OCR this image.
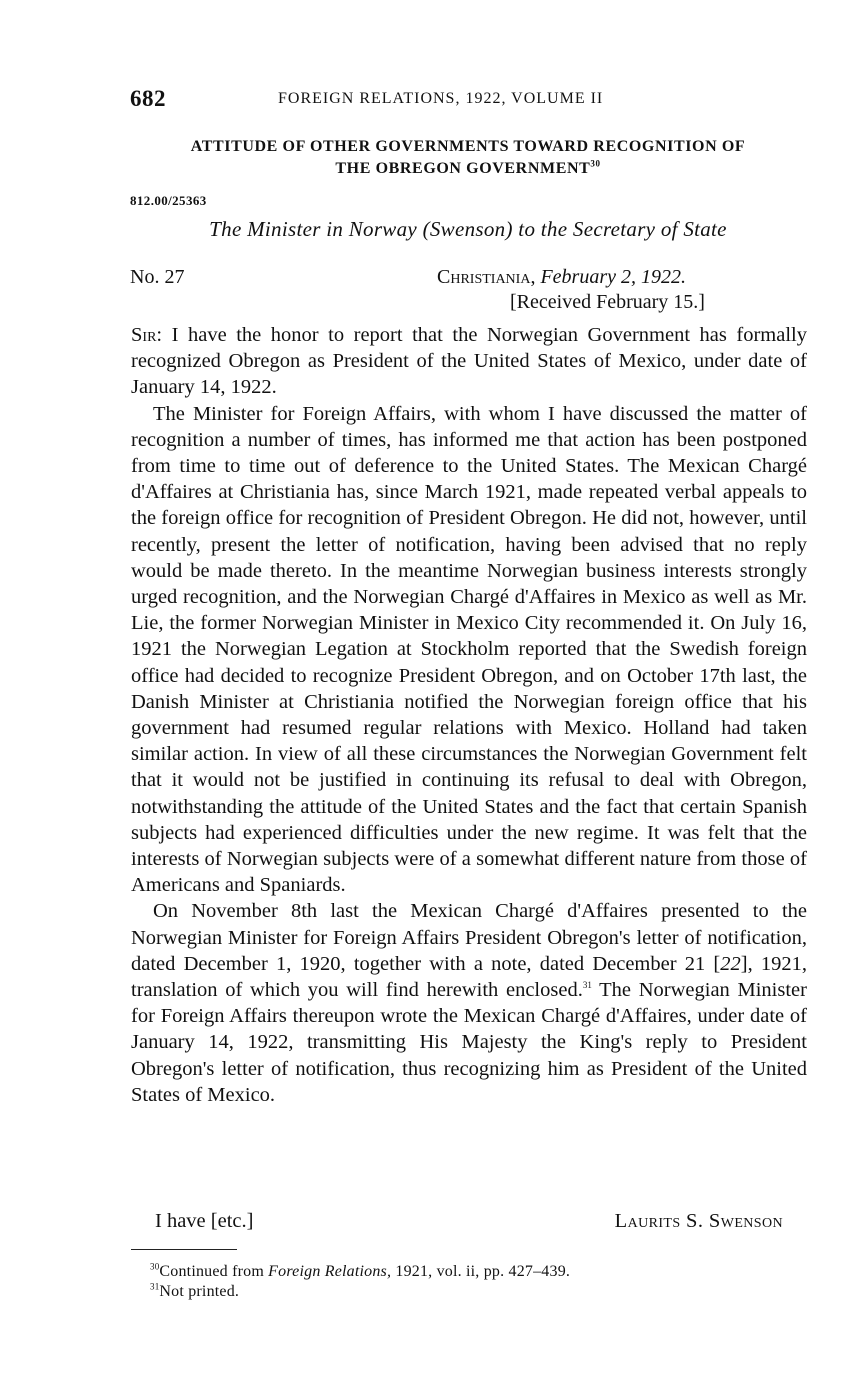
682	FOREIGN RELATIONS, 1922, VOLUME II
ATTITUDE OF OTHER GOVERNMENTS TOWARD RECOGNITION OF
THE OBREGON GOVERNMENT$^{30}$
812.00/25363
The Minister in Norway (Swenson) to the Secretary of State
No. 27	Christiania, February 2, 1922.
[Received February 15.]

Sir: I have the honor to report that the Norwegian Government has formally recognized Obregon as President of the United States of Mexico, under date of January 14, 1922.

The Minister for Foreign Affairs, with whom I have discussed the matter of recognition a number of times, has informed me that action has been postponed from time to time out of deference to the United States. The Mexican Chargé d'Affaires at Christiania has, since March 1921, made repeated verbal appeals to the foreign office for recognition of President Obregon. He did not, however, until recently, present the letter of notification, having been advised that no reply would be made thereto. In the meantime Norwegian business interests strongly urged recognition, and the Norwegian Chargé d'Affaires in Mexico as well as Mr. Lie, the former Norwegian Minister in Mexico City recommended it. On July 16, 1921 the Norwegian Legation at Stockholm reported that the Swedish foreign office had decided to recognize President Obregon, and on October 17th last, the Danish Minister at Christiania notified the Norwegian foreign office that his government had resumed regular relations with Mexico. Holland had taken similar action. In view of all these circumstances the Norwegian Government felt that it would not be justified in continuing its refusal to deal with Obregon, notwithstanding the attitude of the United States and the fact that certain Spanish subjects had experienced difficulties under the new regime. It was felt that the interests of Norwegian subjects were of a somewhat different nature from those of Americans and Spaniards.

On November 8th last the Mexican Chargé d'Affaires presented to the Norwegian Minister for Foreign Affairs President Obregon's letter of notification, dated December 1, 1920, together with a note, dated December 21 [22], 1921, translation of which you will find herewith enclosed.$^{31}$ The Norwegian Minister for Foreign Affairs thereupon wrote the Mexican Chargé d'Affaires, under date of January 14, 1922, transmitting His Majesty the King's reply to President Obregon's letter of notification, thus recognizing him as President of the United States of Mexico.

I have [etc.]	Laurits S. Swenson
$^{30}$Continued from Foreign Relations, 1921, vol. ii, pp. 427–439.
$^{31}$Not printed.
